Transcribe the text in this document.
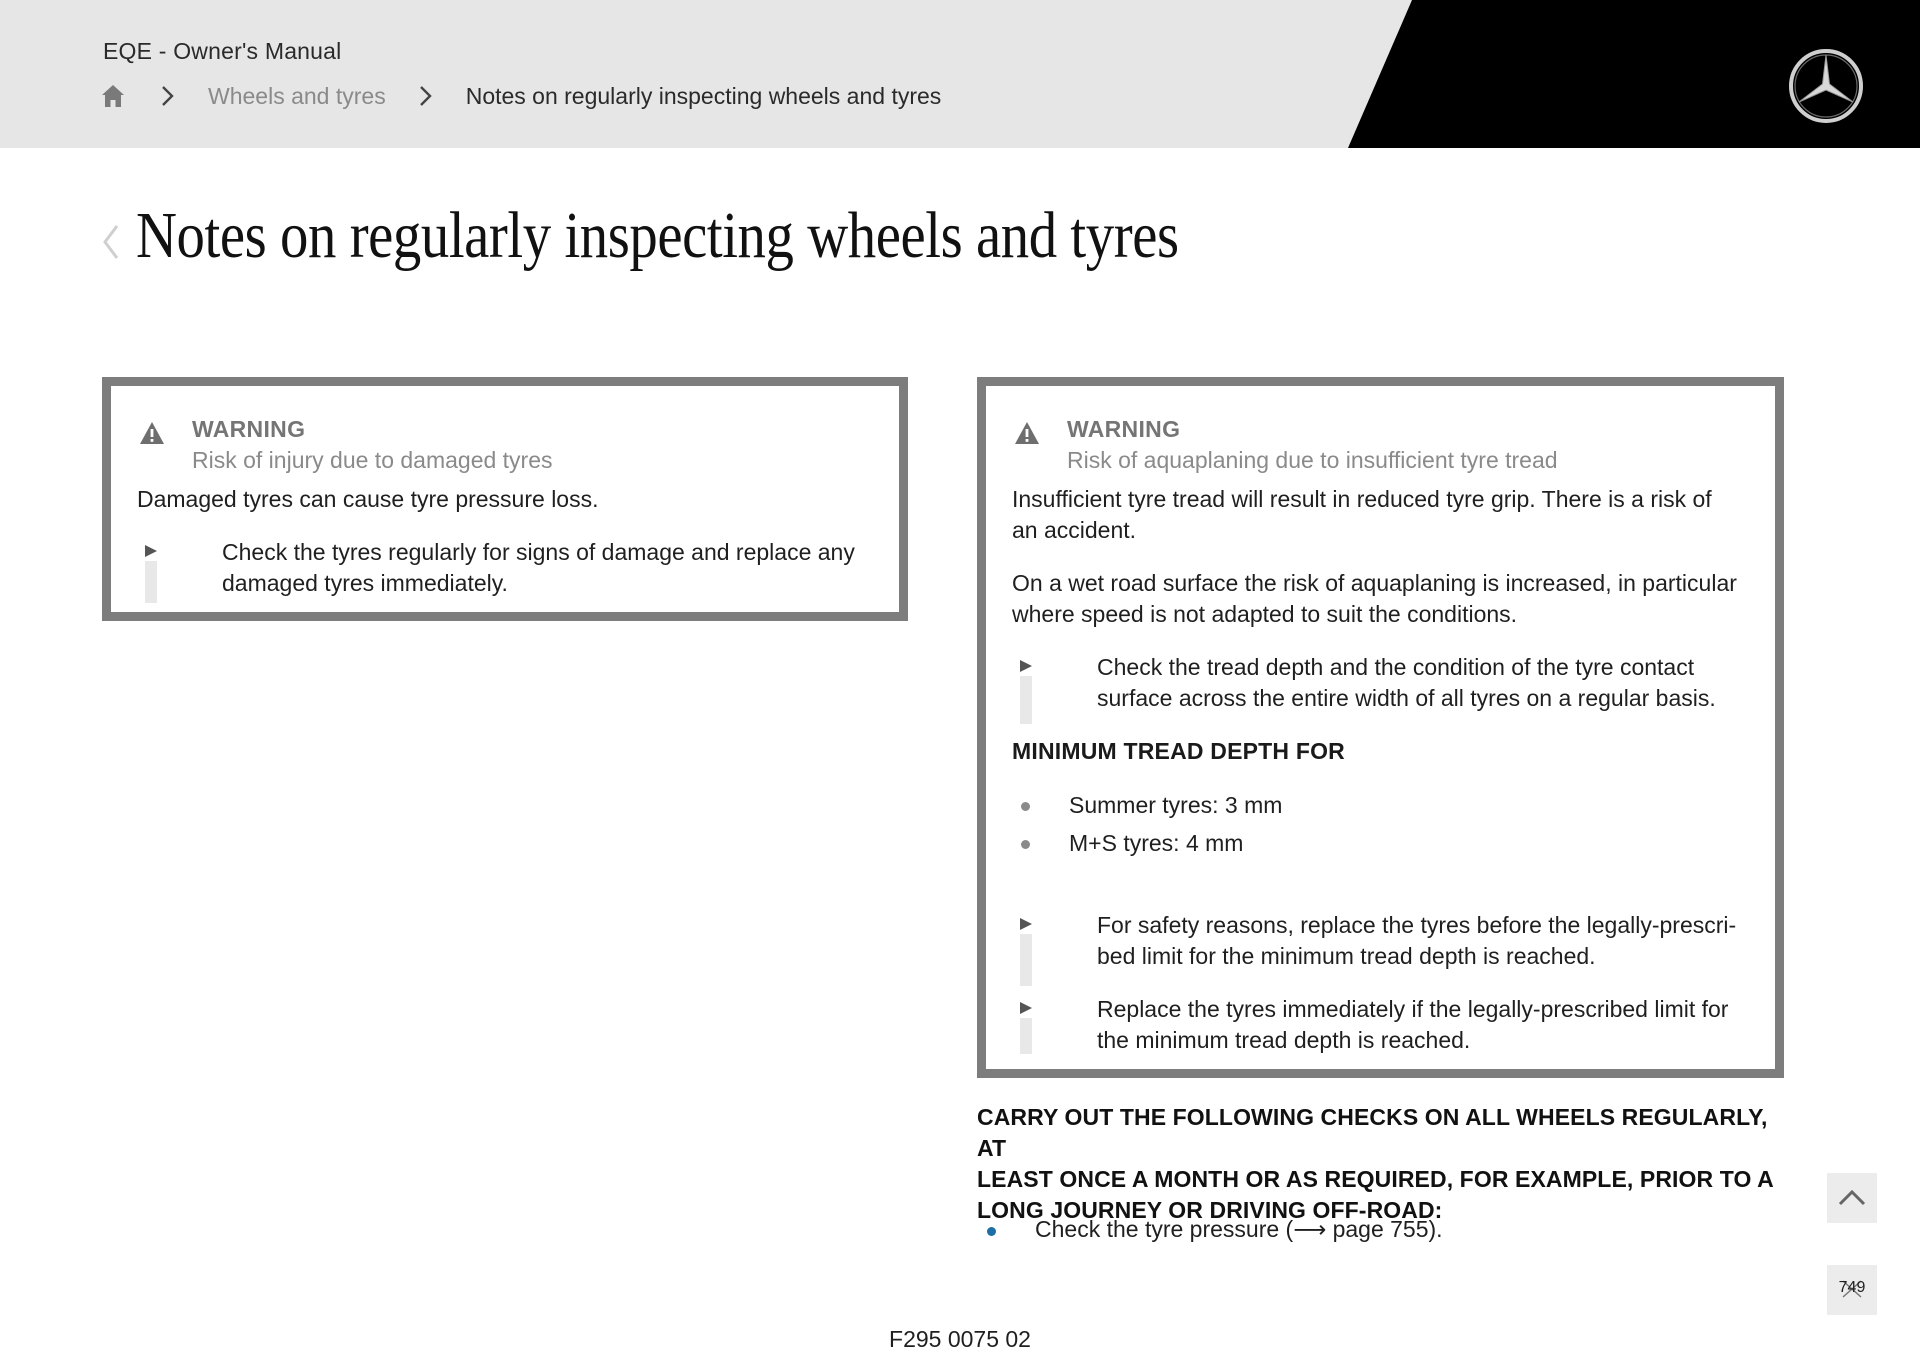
EQE - Owner's Manual
Wheels and tyres	Notes on regularly inspecting wheels and tyres
Notes on regularly inspecting wheels and tyres
WARNING
Risk of injury due to damaged tyres
Damaged tyres can cause tyre pressure loss.
Check the tyres regularly for signs of damage and replace any
damaged tyres immediately.
WARNING
Risk of aquaplaning due to insufficient tyre tread
Insufficient tyre tread will result in reduced tyre grip. There is a risk of
an accident.
On a wet road surface the risk of aquaplaning is increased, in particular
where speed is not adapted to suit the conditions.
Check the tread depth and the condition of the tyre contact
surface across the entire width of all tyres on a regular basis.
MINIMUM TREAD DEPTH FOR
Summer tyres: 3 mm
M+S tyres: 4 mm
For safety reasons, replace the tyres before the legally-prescri-
bed limit for the minimum tread depth is reached.
Replace the tyres immediately if the legally-prescribed limit for
the minimum tread depth is reached.
CARRY OUT THE FOLLOWING CHECKS ON ALL WHEELS REGULARLY, AT
LEAST ONCE A MONTH OR AS REQUIRED, FOR EXAMPLE, PRIOR TO A
LONG JOURNEY OR DRIVING OFF-ROAD:
Check the tyre pressure (⟶ page 755).
749
F295 0075 02
